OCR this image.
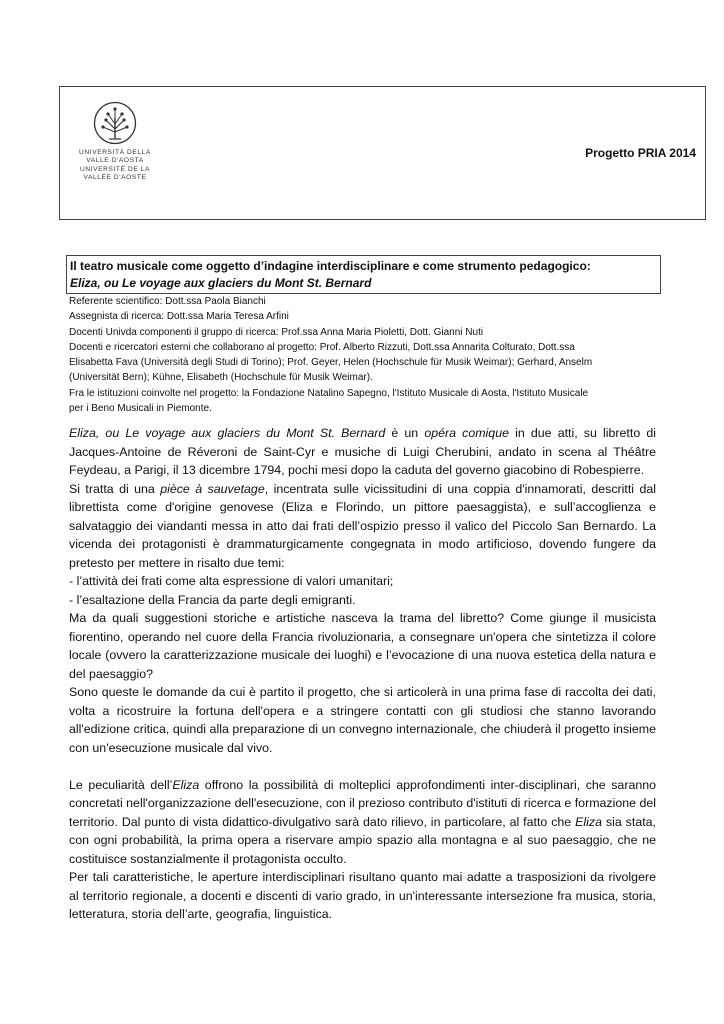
UNIVERSITÀ DELLA
VALLE D'AOSTA
UNIVERSITÉ DE LA
VALLÉE D'AOSTE
Progetto PRIA 2014
Il teatro musicale come oggetto d’indagine interdisciplinare e come strumento pedagogico:
Eliza, ou Le voyage aux glaciers du Mont St. Bernard
Referente scientifico: Dott.ssa Paola Bianchi
Assegnista di ricerca: Dott.ssa Maria Teresa Arfini
Docenti Univda componenti il gruppo di ricerca: Prof.ssa Anna Maria Pioletti, Dott. Gianni Nuti
Docenti e ricercatori esterni che collaborano al progetto: Prof. Alberto Rizzuti, Dott.ssa Annarita Colturato, Dott.ssa
Elisabetta Fava (Università degli Studi di Torino); Prof. Geyer, Helen (Hochschule für Musik Weimar); Gerhard, Anselm
(Universität Bern); Kühne, Elisabeth (Hochschule für Musik Weimar).
Fra le istituzioni coinvolte nel progetto: la Fondazione Natalino Sapegno, l'Istituto Musicale di Aosta, l'Istituto Musicale
per i Beno Musicali in Piemonte.

Eliza, ou Le voyage aux glaciers du Mont St. Bernard è un opéra comique in due atti, su libretto di Jacques-Antoine de Réveroni de Saint-Cyr e musiche di Luigi Cherubini, andato in scena al Théâtre Feydeau, a Parigi, il 13 dicembre 1794, pochi mesi dopo la caduta del governo giacobino di Robespierre.

Si tratta di una pièce à sauvetage, incentrata sulle vicissitudini di una coppia d'innamorati, descritti dal librettista come d'origine genovese (Eliza e Florindo, un pittore paesaggista), e sull’accoglienza e salvataggio dei viandanti messa in atto dai frati dell’ospizio presso il valico del Piccolo San Bernardo. La vicenda dei protagonisti è drammaturgicamente congegnata in modo artificioso, dovendo fungere da pretesto per mettere in risalto due temi:

- l’attività dei frati come alta espressione di valori umanitari;

- l’esaltazione della Francia da parte degli emigranti.

Ma da quali suggestioni storiche e artistiche nasceva la trama del libretto? Come giunge il musicista fiorentino, operando nel cuore della Francia rivoluzionaria, a consegnare un'opera che sintetizza il colore locale (ovvero la caratterizzazione musicale dei luoghi) e l’evocazione di una nuova estetica della natura e del paesaggio?

Sono queste le domande da cui è partito il progetto, che si articolerà in una prima fase di raccolta dei dati, volta a ricostruire la fortuna dell'opera e a stringere contatti con gli studiosi che stanno lavorando all'edizione critica, quindi alla preparazione di un convegno internazionale, che chiuderà il progetto insieme con un'esecuzione musicale dal vivo.

Le peculiarità dell’Eliza offrono la possibilità di molteplici approfondimenti inter-disciplinari, che saranno concretati nell'organizzazione dell'esecuzione, con il prezioso contributo d'istituti di ricerca e formazione del territorio. Dal punto di vista didattico-divulgativo sarà dato rilievo, in particolare, al fatto che Eliza sia stata, con ogni probabilità, la prima opera a riservare ampio spazio alla montagna e al suo paesaggio, che ne costituisce sostanzialmente il protagonista occulto.

Per tali caratteristiche, le aperture interdisciplinari risultano quanto mai adatte a trasposizioni da rivolgere al territorio regionale, a docenti e discenti di vario grado, in un'interessante intersezione fra musica, storia, letteratura, storia dell’arte, geografia, linguistica.
